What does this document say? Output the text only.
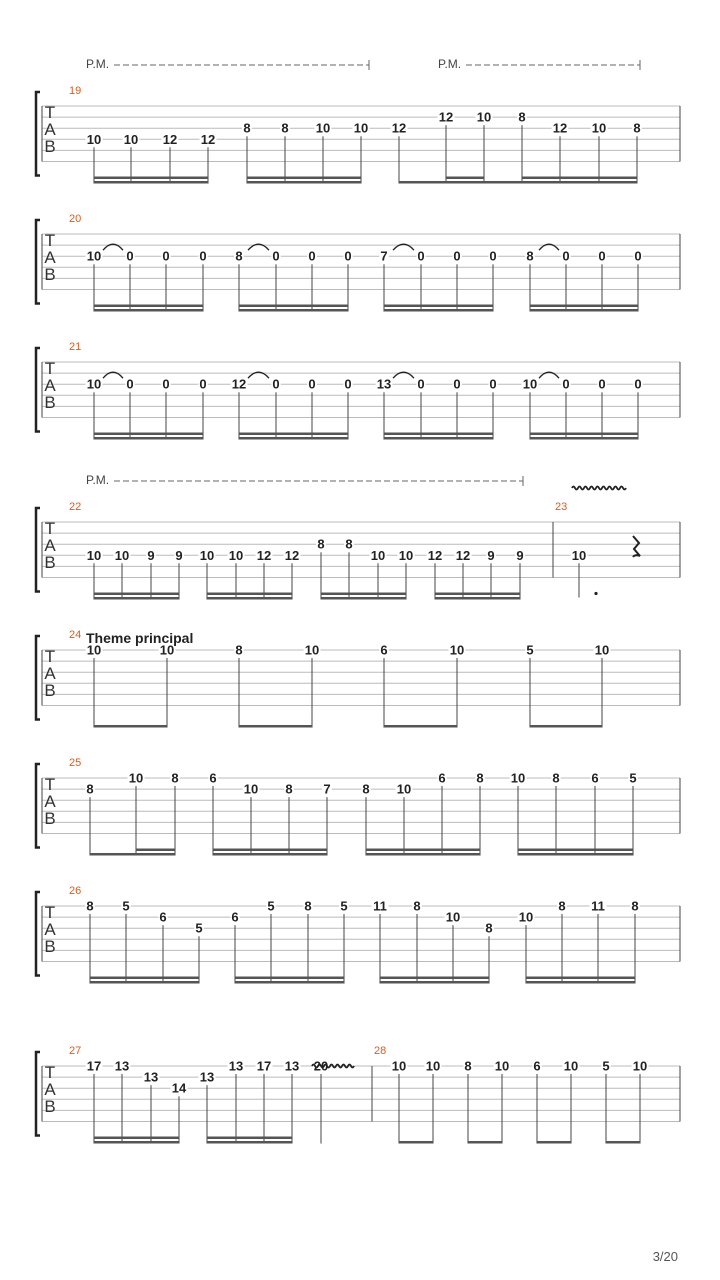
T
A
B
19
10 10 12 12
8 8 10 10 12
12 10 8
12 10 8
T
A
B
20
10 0 0 0 8 0 0 0 7 0 0 0 8 0 0 0
T
A
B
21
10 0 0 0 12 0 0 0 13 0 0 0 10 0 0 0
T
A
B
22	23
10 10 9 9 10 10 12 12
8 8
10 10 12 12 9 9	10
T
A
B
24
10	10	8	10	6	10	5	10
T
A
B
25
8
10 8 6
10 8 7 8 10
6 8 10 8 6 5
T
A
B
26
8 5
6
5
6
5 8 5 11 8
10
8
10
8 11 8
T
A
B
27	28
17 13
13
14
13
13 17 13 20	10 10 8 10 6 10 5 10
P.M.	P.M.
P.M.
Theme principal
3/20
